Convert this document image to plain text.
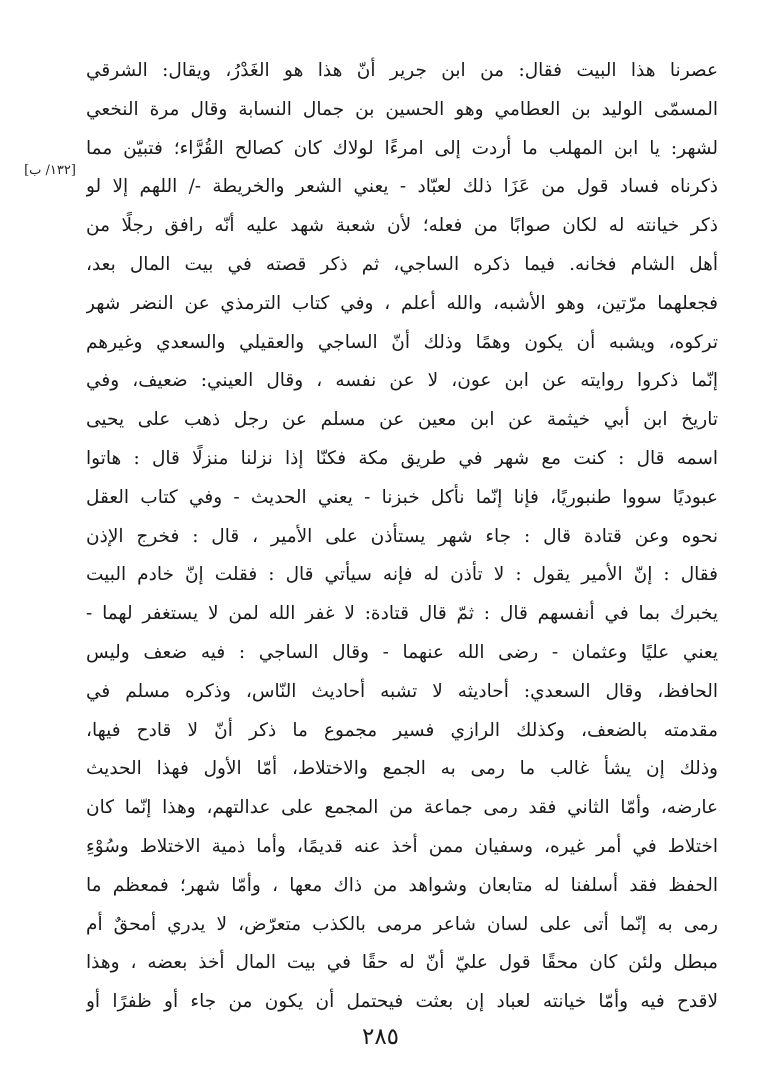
[١٣٢/ ب]
عصرنا هذا البيت فقال: من ابن جرير أنّ هذا هو الغَدْرُ، ويقال: الشرقي
المسمّى الوليد بن العطامي وهو الحسين بن جمال النسابة وقال مرة النخعي
لشهر: يا ابن المهلب ما أردت إلى امرءًا لولاك كان كصالح القُرَّاء؛ فتبيّن مما
ذكرناه فساد قول من عَزَا ذلك لعبّاد - يعني الشعر والخريطة -/ اللهم إلا لو
ذكر خيانته له لكان صوابًا من فعله؛ لأن شعبة شهد عليه أنّه رافق رجلًا من
أهل الشام فخانه. فيما ذكره الساجي، ثم ذكر قصته في بيت المال بعد،
فجعلهما مرّتين، وهو الأشبه، والله أعلم ، وفي كتاب الترمذي عن النضر شهر
تركوه، ويشبه أن يكون وهمًا وذلك أنّ الساجي والعقيلي والسعدي وغيرهم
إنّما ذكروا روايته عن ابن عون، لا عن نفسه ، وقال العيني: ضعيف، وفي
تاريخ ابن أبي خيثمة عن ابن معين عن مسلم عن رجل ذهب على يحيى
اسمه قال : كنت مع شهر في طريق مكة فكنّا إذا نزلنا منزلًا قال : هاتوا
عبوديًا سووا طنبوريًا، فإنا إنّما نأكل خبزنا - يعني الحديث - وفي كتاب العقل
نحوه وعن قتادة قال : جاء شهر يستأذن على الأمير ، قال : فخرج الإذن
فقال : إنّ الأمير يقول : لا تأذن له فإنه سيأتي قال : فقلت إنّ خادم البيت
يخبرك بما في أنفسهم قال : ثمّ قال قتادة: لا غفر الله لمن لا يستغفر لهما -
يعني عليًا وعثمان - رضى الله عنهما - وقال الساجي : فيه ضعف وليس
الحافظ، وقال السعدي: أحاديثه لا تشبه أحاديث النّاس، وذكره مسلم في
مقدمته بالضعف، وكذلك الرازي فسير مجموع ما ذكر أنّ لا قادح فيها،
وذلك إن يشأ غالب ما رمى به الجمع والاختلاط، أمّا الأول فهذا الحديث
عارضه، وأمّا الثاني فقد رمى جماعة من المجمع على عدالتهم، وهذا إنّما كان
اختلاط في أمر غيره، وسفيان ممن أخذ عنه قديمًا، وأما ذمية الاختلاط وسُوْءِ
الحفظ فقد أسلفنا له متابعان وشواهد من ذاك معها ، وأمّا شهر؛ فمعظم ما
رمى به إنّما أتى على لسان شاعر مرمى بالكذب متعرّض، لا يدري أمحقٌ أم
مبطل ولئن كان محقًا قول عليّ أنّ له حقًا في بيت المال أخذ بعضه ، وهذا
لاقدح فيه وأمّا خيانته لعباد إن بعثت فيحتمل أن يكون من جاء أو ظفرًا أو
٢٨٥
